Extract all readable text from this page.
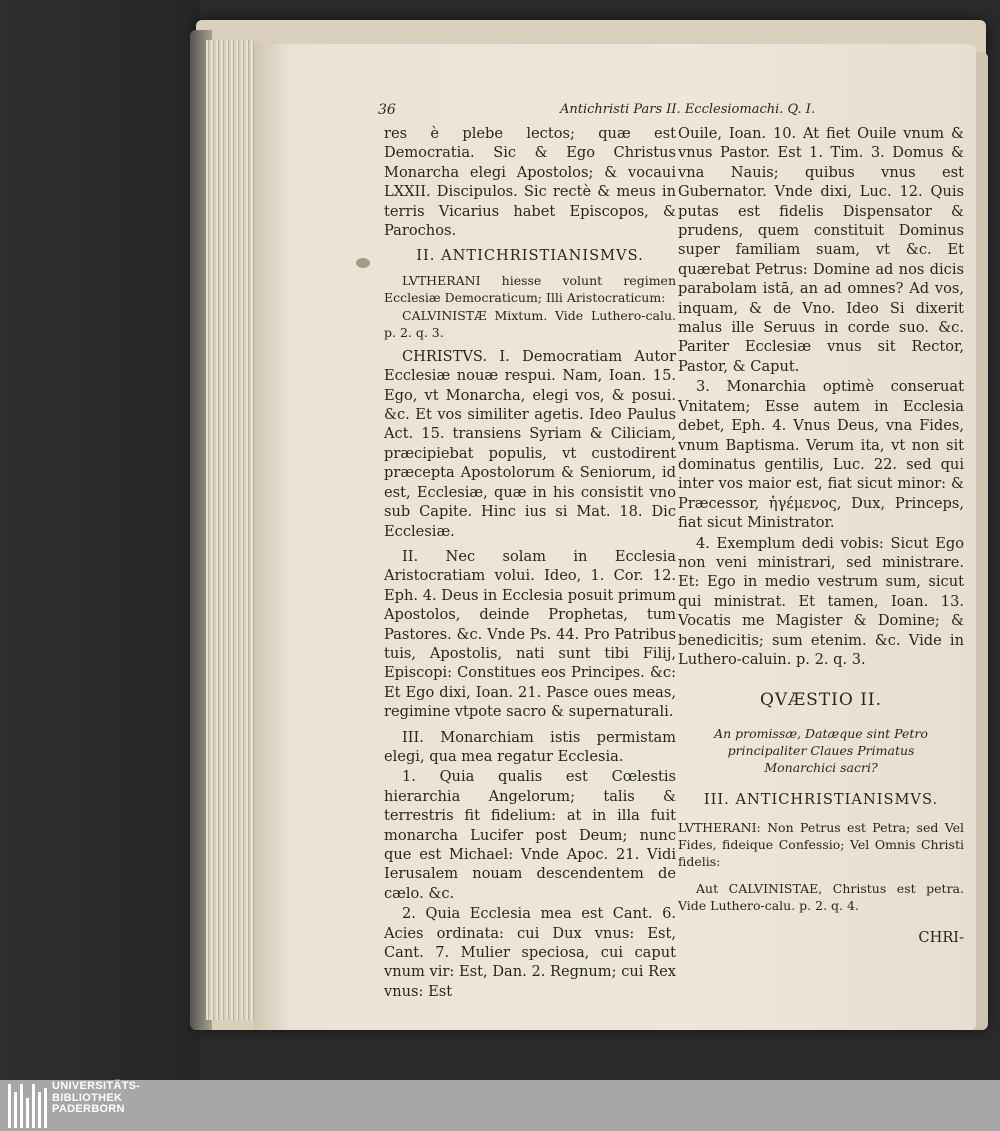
36	Antichristi Pars II. Ecclesiomachi. Q. I.

res è plebe lectos; quæ est Democratia. Sic & Ego Christus Monarcha elegi Apostolos; & vocaui LXXII. Discipulos. Sic rectè & meus in terris Vicarius habet Episcopos, & Parochos.

II. ANTICHRISTIANISMVS.

LVTHERANI hiesse volunt regimen Ecclesiæ Democraticum; Illi Aristocraticum:

CALVINISTÆ Mixtum. Vide Luthero-calu. p. 2. q. 3.

CHRISTVS. I. Democratiam Autor Ecclesiæ nouæ respui. Nam, Ioan. 15. Ego, vt Monarcha, elegi vos, & posui. &c. Et vos similiter agetis. Ideo Paulus Act. 15. transiens Syriam & Ciliciam, præcipiebat populis, vt custodirent præcepta Apostolorum & Seniorum, id est, Ecclesiæ, quæ in his consistit vno sub Capite. Hinc ius si Mat. 18. Dic Ecclesiæ.

II. Nec solam in Ecclesia Aristocratiam volui. Ideo, 1. Cor. 12. Eph. 4. Deus in Ecclesia posuit primum Apostolos, deinde Prophetas, tum Pastores. &c. Vnde Ps. 44. Pro Patribus tuis, Apostolis, nati sunt tibi Filij, Episcopi: Constitues eos Principes. &c: Et Ego dixi, Ioan. 21. Pasce oues meas, regimine vtpote sacro & supernaturali.

III. Monarchiam istis permistam elegi, qua mea regatur Ecclesia.

1. Quia qualis est Cœlestis hierarchia Angelorum; talis & terrestris fit fidelium: at in illa fuit monarcha Lucifer post Deum; nunc que est Michael: Vnde Apoc. 21. Vidi Ierusalem nouam descendentem de cælo. &c.

2. Quia Ecclesia mea est Cant. 6. Acies ordinata: cui Dux vnus: Est, Cant. 7. Mulier speciosa, cui caput vnum vir: Est, Dan. 2. Regnum; cui Rex vnus: Est

Ouile, Ioan. 10. At fiet Ouile vnum & vnus Pastor. Est 1. Tim. 3. Domus & vna Nauis; quibus vnus est Gubernator. Vnde dixi, Luc. 12. Quis putas est fidelis Dispensator & prudens, quem constituit Dominus super familiam suam, vt &c. Et quærebat Petrus: Domine ad nos dicis parabolam istā, an ad omnes? Ad vos, inquam, & de Vno. Ideo Si dixerit malus ille Seruus in corde suo. &c. Pariter Ecclesiæ vnus sit Rector, Pastor, & Caput.

3. Monarchia optimè conseruat Vnitatem; Esse autem in Ecclesia debet, Eph. 4. Vnus Deus, vna Fides, vnum Baptisma. Verum ita, vt non sit dominatus gentilis, Luc. 22. sed qui inter vos maior est, fiat sicut minor: & Præcessor, ἡγέμενος, Dux, Princeps, fiat sicut Ministrator.

4. Exemplum dedi vobis: Sicut Ego non veni ministrari, sed ministrare. Et: Ego in medio vestrum sum, sicut qui ministrat. Et tamen, Ioan. 13. Vocatis me Magister & Domine; & benedicitis; sum etenim. &c. Vide in Luthero-caluin. p. 2. q. 3.

QVÆSTIO II.

An promissæ, Datæque sint Petro principaliter Claues Primatus Monarchici sacri?

III. ANTICHRISTIANISMVS.

LVTHERANI: Non Petrus est Petra; sed Vel Fides, fideique Confessio; Vel Omnis Christi fidelis:

Aut CALVINISTAE, Christus est petra. Vide Luthero-calu. p. 2. q. 4.

CHRI-

UNIVERSITÄTS-
BIBLIOTHEK
PADERBORN
